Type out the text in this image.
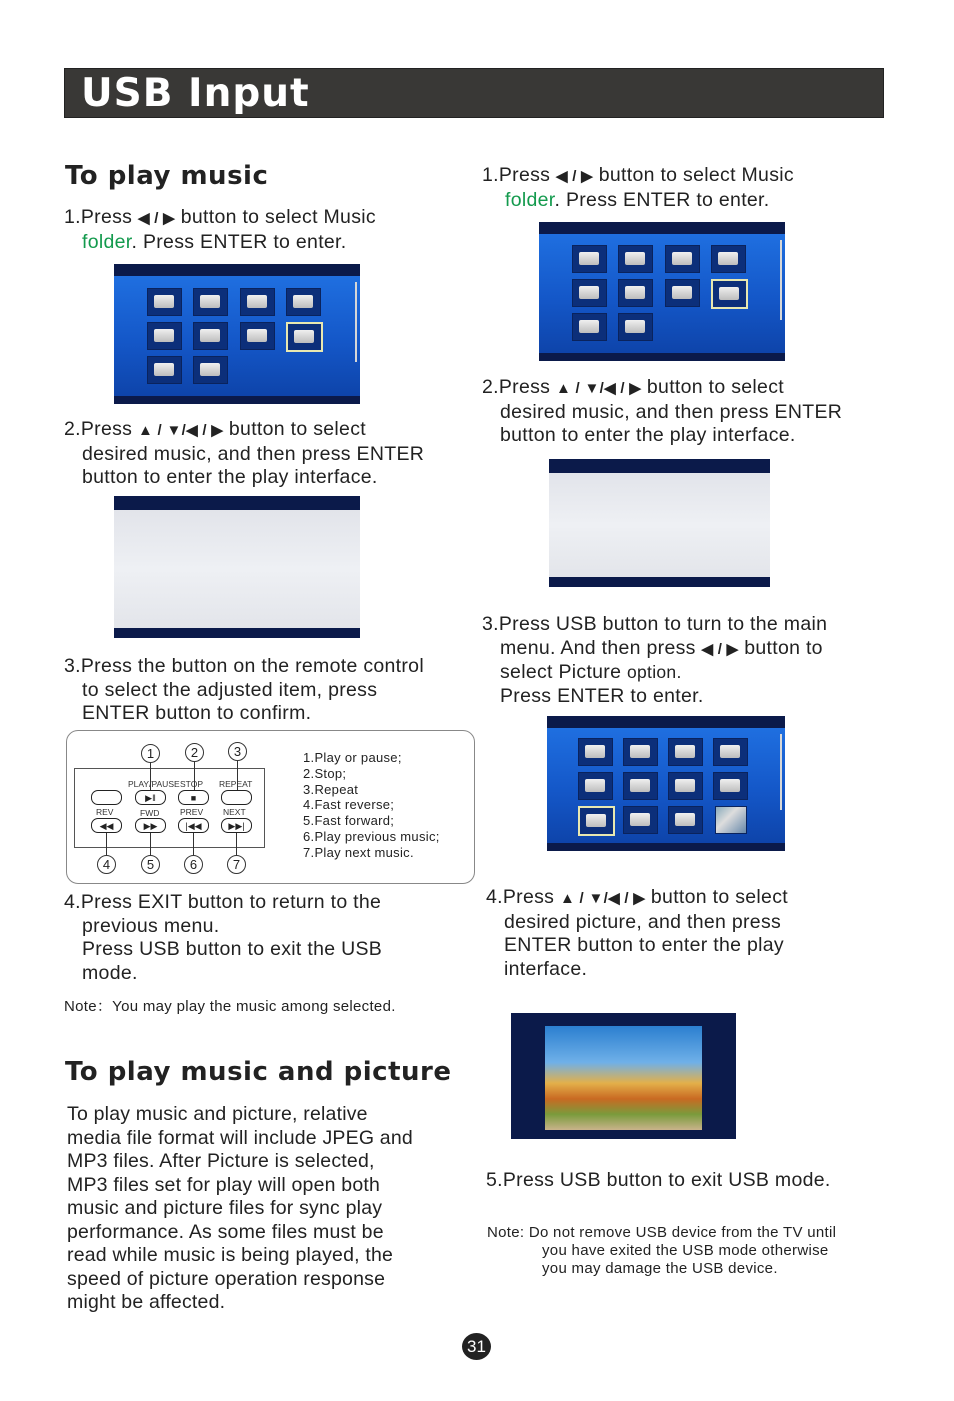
USB Input
To play music
1.Press ◀ / ▶ button to select Music
folder. Press ENTER to enter.
2.Press ▲ / ▼/◀ / ▶ button to select
desired music, and then press ENTER
button to enter the play interface.
3.Press the button on the remote control
to select the adjusted item, press
ENTER button to confirm.
1	2	3
PLAY/PAUSE STOP REPEAT
▶‖	■
REV	FWD PREV NEXT
◀◀	▶▶	|◀◀	▶▶|
4	5	6	7
1.Play or pause;
2.Stop;
3.Repeat
4.Fast reverse;
5.Fast forward;
6.Play previous music;
7.Play next music.
4.Press EXIT button to return to the
previous menu.
Press USB button to exit the USB
mode.
Note：You may play the music among selected.
To play music and picture
To play music and picture, relative
media file format will include JPEG and
MP3 files. After Picture is selected,
MP3 files set for play will open both
music and picture files for sync play
performance. As some files must be
read while music is being played, the
speed of picture operation response
might be affected.
1.Press ◀ / ▶ button to select Music
folder. Press ENTER to enter.
2.Press ▲ / ▼/◀ / ▶ button to select
desired music, and then press ENTER
button to enter the play interface.
3.Press USB button to turn to the main
menu. And then press ◀ / ▶ button to
select Picture option.
Press ENTER to enter.
4.Press ▲ / ▼/◀ / ▶ button to select
desired picture, and then press
ENTER button to enter the play
interface.
5.Press USB button to exit USB mode.
Note: Do not remove USB device from the TV until
you have exited the USB mode otherwise
you may damage the USB device.
31
